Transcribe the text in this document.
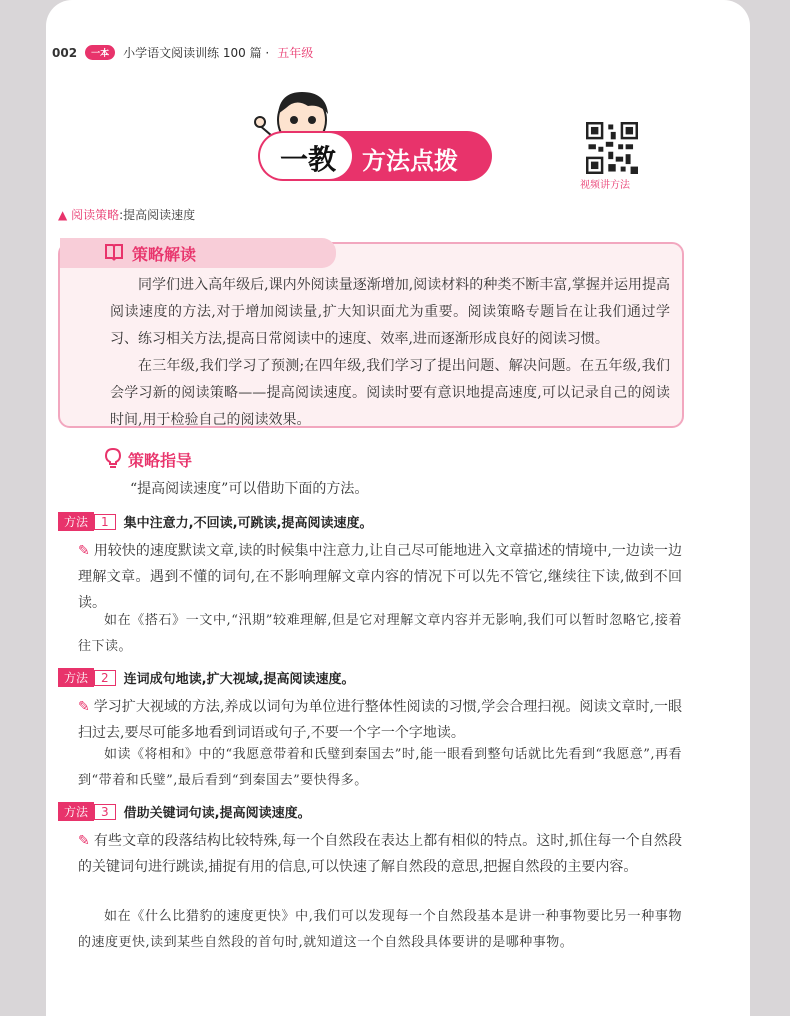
002	一本	小学语文阅读训练 100 篇 · 五年级
一教	方法点拨
视频讲方法
▲ 阅读策略:提高阅读速度
策略解读

同学们进入高年级后,课内外阅读量逐渐增加,阅读材料的种类不断丰富,掌握并运用提高阅读速度的方法,对于增加阅读量,扩大知识面尤为重要。阅读策略专题旨在让我们通过学习、练习相关方法,提高日常阅读中的速度、效率,进而逐渐形成良好的阅读习惯。

在三年级,我们学习了预测;在四年级,我们学习了提出问题、解决问题。在五年级,我们会学习新的阅读策略——提高阅读速度。阅读时要有意识地提高速度,可以记录自己的阅读时间,用于检验自己的阅读效果。

策略指导
“提高阅读速度”可以借助下面的方法。
方法	1	集中注意力,不回读,可跳读,提高阅读速度。
✎ 用较快的速度默读文章,读的时候集中注意力,让自己尽可能地进入文章描述的情境中,一边读一边理解文章。遇到不懂的词句,在不影响理解文章内容的情况下可以先不管它,继续往下读,做到不回读。
如在《搭石》一文中,“汛期”较难理解,但是它对理解文章内容并无影响,我们可以暂时忽略它,接着往下读。
方法	2	连词成句地读,扩大视域,提高阅读速度。
✎ 学习扩大视域的方法,养成以词句为单位进行整体性阅读的习惯,学会合理扫视。阅读文章时,一眼扫过去,要尽可能多地看到词语或句子,不要一个字一个字地读。
如读《将相和》中的“我愿意带着和氏璧到秦国去”时,能一眼看到整句话就比先看到“我愿意”,再看到“带着和氏璧”,最后看到“到秦国去”要快得多。
方法	3	借助关键词句读,提高阅读速度。
✎ 有些文章的段落结构比较特殊,每一个自然段在表达上都有相似的特点。这时,抓住每一个自然段的关键词句进行跳读,捕捉有用的信息,可以快速了解自然段的意思,把握自然段的主要内容。
如在《什么比猎豹的速度更快》中,我们可以发现每一个自然段基本是讲一种事物要比另一种事物的速度更快,读到某些自然段的首句时,就知道这一个自然段具体要讲的是哪种事物。
